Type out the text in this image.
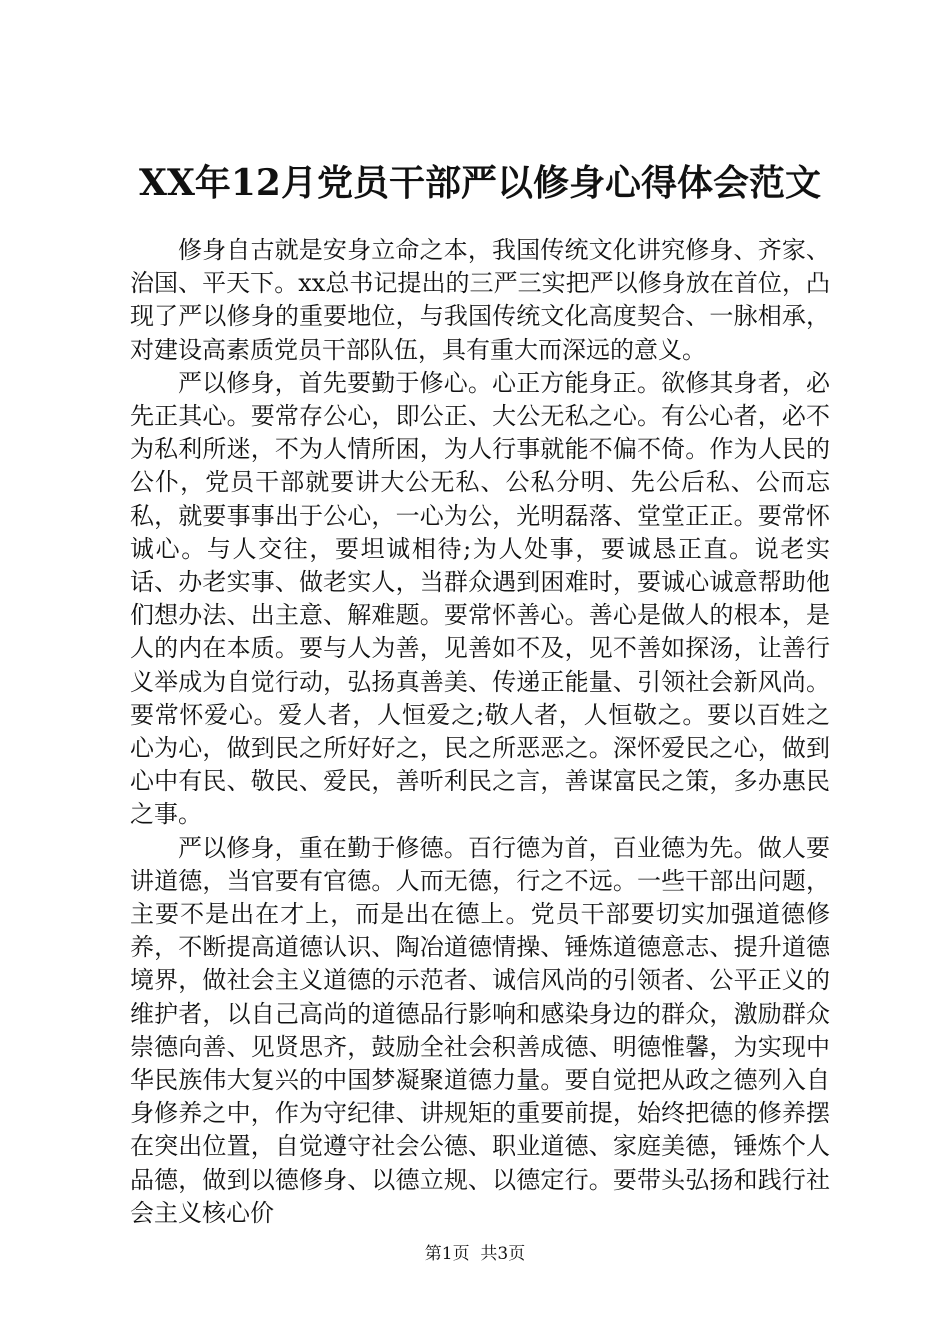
XX年12月党员干部严以修身心得体会范文

修身自古就是安身立命之本，我国传统文化讲究修身、齐家、治国、平天下。xx总书记提出的三严三实把严以修身放在首位，凸现了严以修身的重要地位，与我国传统文化高度契合、一脉相承，对建设高素质党员干部队伍，具有重大而深远的意义。

严以修身，首先要勤于修心。心正方能身正。欲修其身者，必先正其心。要常存公心，即公正、大公无私之心。有公心者，必不为私利所迷，不为人情所困，为人行事就能不偏不倚。作为人民的公仆，党员干部就要讲大公无私、公私分明、先公后私、公而忘私，就要事事出于公心，一心为公，光明磊落、堂堂正正。要常怀诚心。与人交往，要坦诚相待;为人处事，要诚恳正直。说老实话、办老实事、做老实人，当群众遇到困难时，要诚心诚意帮助他们想办法、出主意、解难题。要常怀善心。善心是做人的根本，是人的内在本质。要与人为善，见善如不及，见不善如探汤，让善行义举成为自觉行动，弘扬真善美、传递正能量、引领社会新风尚。要常怀爱心。爱人者，人恒爱之;敬人者，人恒敬之。要以百姓之心为心，做到民之所好好之，民之所恶恶之。深怀爱民之心，做到心中有民、敬民、爱民，善听利民之言，善谋富民之策，多办惠民之事。

严以修身，重在勤于修德。百行德为首，百业德为先。做人要讲道德，当官要有官德。人而无德，行之不远。一些干部出问题，主要不是出在才上，而是出在德上。党员干部要切实加强道德修养，不断提高道德认识、陶冶道德情操、锤炼道德意志、提升道德境界，做社会主义道德的示范者、诚信风尚的引领者、公平正义的维护者，以自己高尚的道德品行影响和感染身边的群众，激励群众崇德向善、见贤思齐，鼓励全社会积善成德、明德惟馨，为实现中华民族伟大复兴的中国梦凝聚道德力量。要自觉把从政之德列入自身修养之中，作为守纪律、讲规矩的重要前提，始终把德的修养摆在突出位置，自觉遵守社会公德、职业道德、家庭美德，锤炼个人品德，做到以德修身、以德立规、以德定行。要带头弘扬和践行社会主义核心价

第1页  共3页
